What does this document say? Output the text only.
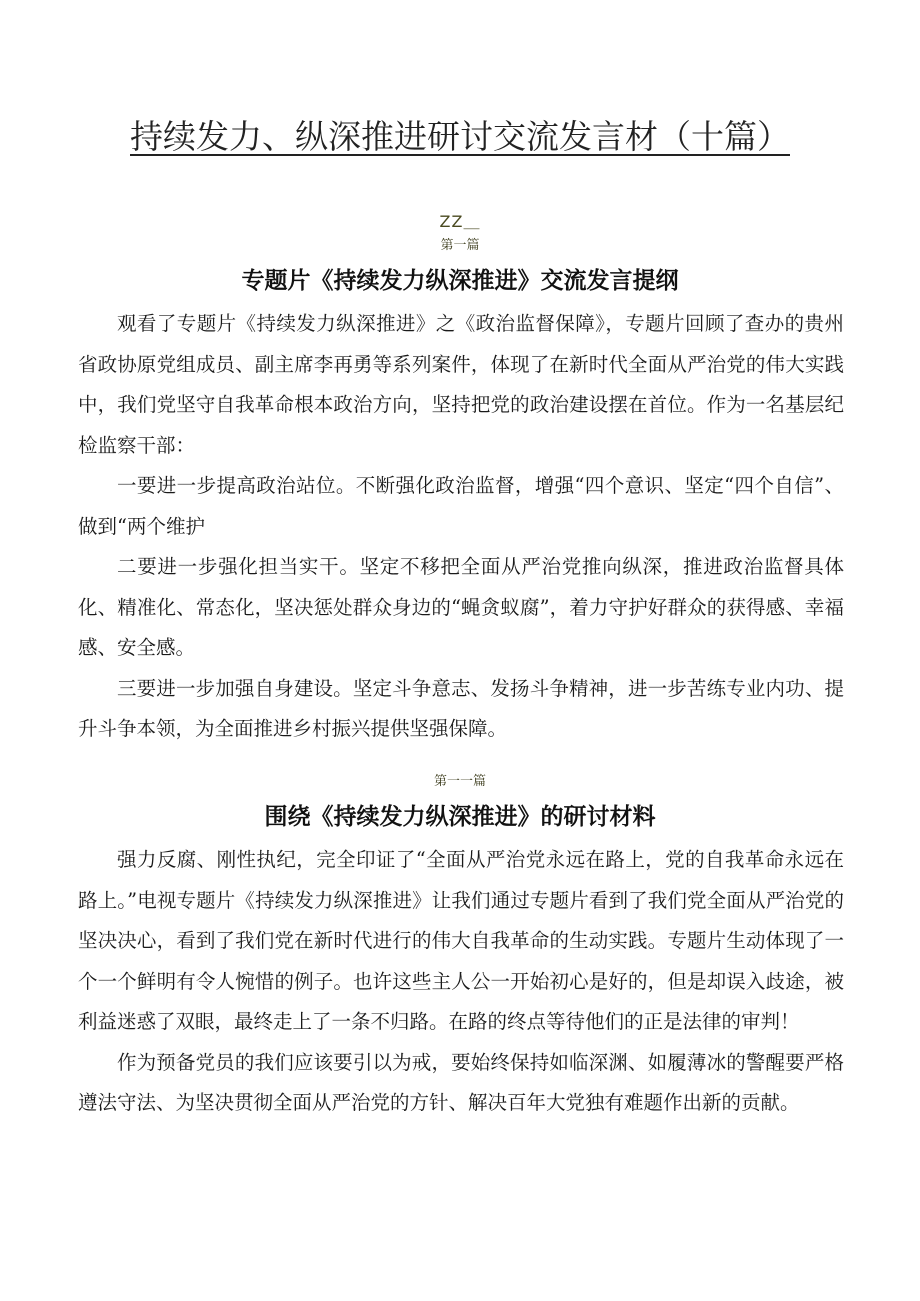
持续发力、纵深推进研讨交流发言材（十篇）
ZZ＿
第一篇
专题片《持续发力纵深推进》交流发言提纲

观看了专题片《持续发力纵深推进》之《政治监督保障》，专题片回顾了查办的贵州省政协原党组成员、副主席李再勇等系列案件，体现了在新时代全面从严治党的伟大实践中，我们党坚守自我革命根本政治方向，坚持把党的政治建设摆在首位。作为一名基层纪检监察干部：

一要进一步提高政治站位。不断强化政治监督，增强“四个意识、坚定“四个自信”、做到“两个维护

二要进一步强化担当实干。坚定不移把全面从严治党推向纵深，推进政治监督具体化、精准化、常态化，坚决惩处群众身边的“蝇贪蚁腐”，着力守护好群众的获得感、幸福感、安全感。

三要进一步加强自身建设。坚定斗争意志、发扬斗争精神，进一步苦练专业内功、提升斗争本领，为全面推进乡村振兴提供坚强保障。

第一一篇
围绕《持续发力纵深推进》的研讨材料

强力反腐、刚性执纪，完全印证了“全面从严治党永远在路上，党的自我革命永远在路上。”电视专题片《持续发力纵深推进》让我们通过专题片看到了我们党全面从严治党的坚决决心，看到了我们党在新时代进行的伟大自我革命的生动实践。专题片生动体现了一个一个鲜明有令人惋惜的例子。也许这些主人公一开始初心是好的，但是却误入歧途，被利益迷惑了双眼，最终走上了一条不归路。在路的终点等待他们的正是法律的审判！

作为预备党员的我们应该要引以为戒，要始终保持如临深渊、如履薄冰的警醒要严格遵法守法、为坚决贯彻全面从严治党的方针、解决百年大党独有难题作出新的贡献。
